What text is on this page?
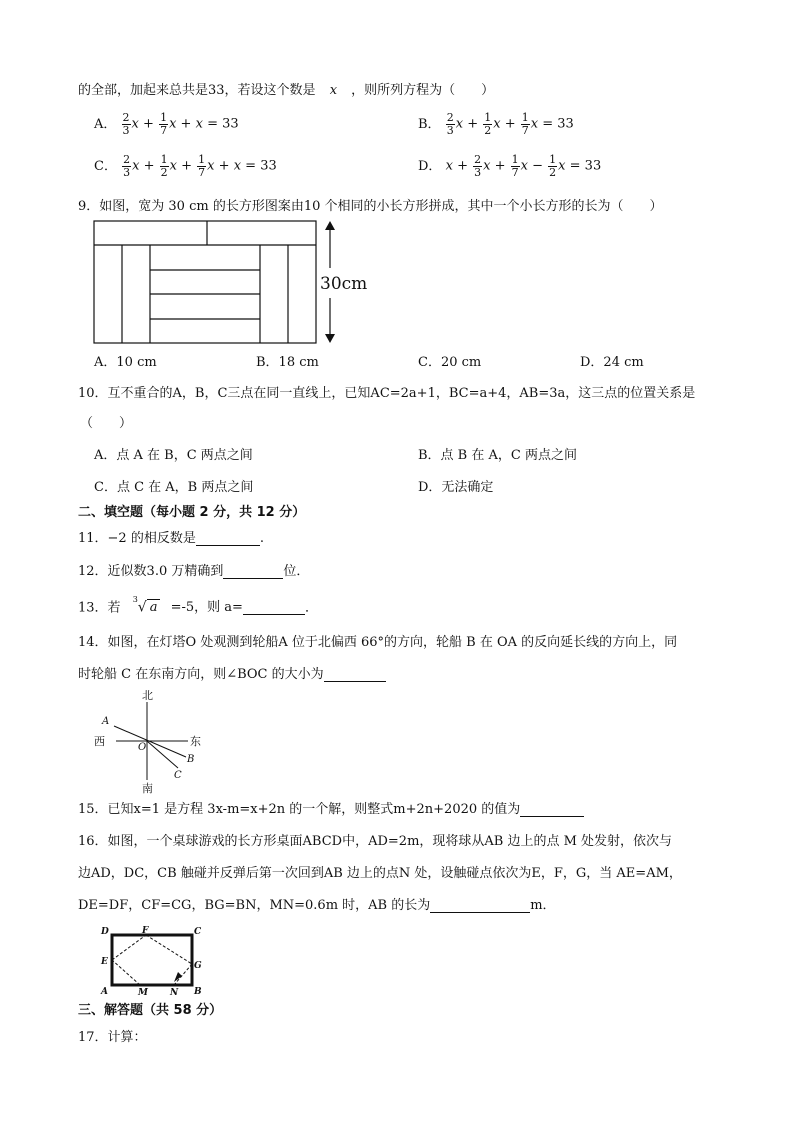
的全部，加起来总共是33，若设这个数是 x ，则所列方程为（　　）
A． $\frac{2}{3}$ $x + \frac{1}{7}$ x + x = 33	B． $\frac{2}{3}$ $x + \frac{1}{2}$ $x + \frac{1}{7}$ x = 33
C． $\frac{2}{3}$ $x + \frac{1}{2}$ $x + \frac{1}{7}$ x + x = 33	D． $x + \frac{2}{3}$ $x + \frac{1}{7}$ $x - \frac{1}{2}$ x = 33
9．如图，宽为 30 cm 的长方形图案由10 个相同的小长方形拼成，其中一个小长方形的长为（　　）
30cm
A．10 cm	B．18 cm	C．20 cm	D．24 cm
10．互不重合的A，B，C三点在同一直线上，已知AC=2a+1，BC=a+4，AB=3a，这三点的位置关系是
（　　）
A．点 A 在 B，C 两点之间	B．点 B 在 A，C 两点之间
C．点 C 在 A，B 两点之间	D．无法确定
二、填空题（每小题 2 分，共 12 分）
11．−2 的相反数是	.
12．近似数3.0 万精确到	位．
13．若 $^3$√ a =-5，则 a=	．
14．如图，在灯塔O 处观测到轮船A 位于北偏西 66°的方向，轮船 B 在 OA 的反向延长线的方向上，同
时轮船 C 在东南方向，则∠BOC 的大小为
北
南
东
西
A
O
B
C
15．已知x=1 是方程 3x-m=x+2n 的一个解，则整式m+2n+2020 的值为
16．如图，一个桌球游戏的长方形桌面ABCD中，AD=2m，现将球从AB 边上的点 M 处发射，依次与
边AD，DC，CB 触碰并反弹后第一次回到AB 边上的点N 处，设触碰点依次为E，F，G，当 AE=AM，
DE=DF，CF=CG，BG=BN，MN=0.6m 时，AB 的长为	m．
D	F	C
E	G
A	M N B
三、解答题（共 58 分）
17．计算：
